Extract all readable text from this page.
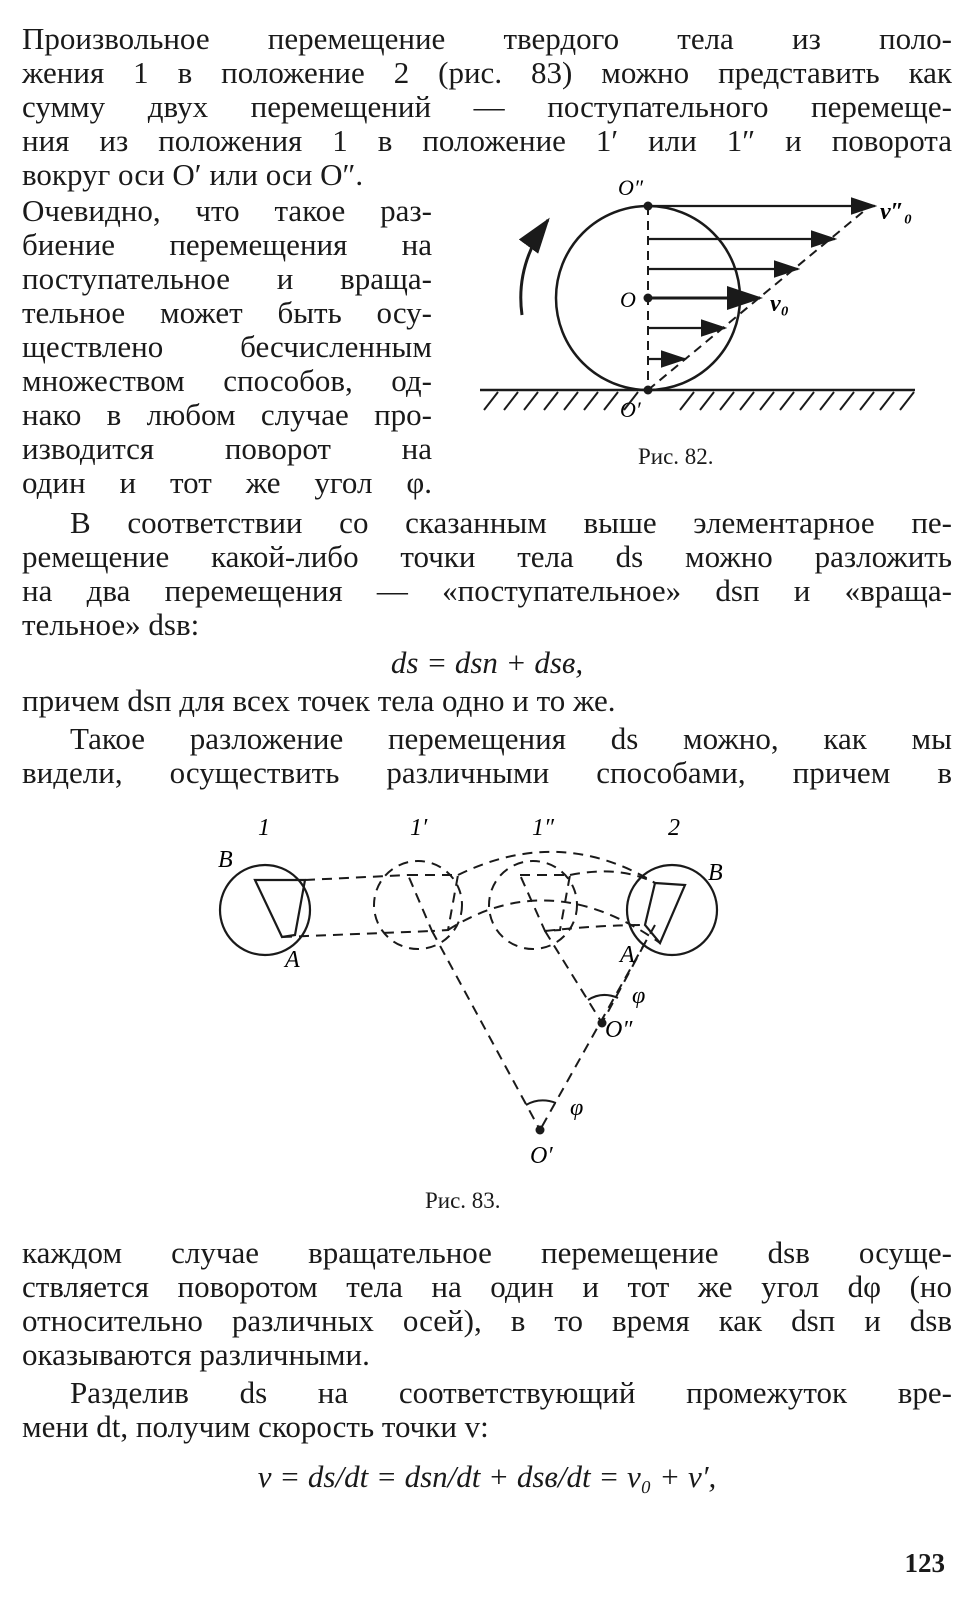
Произвольное перемещение твердого тела из поло-
жения 1 в положение 2 (рис. 83) можно представить как
сумму двух перемещений — поступательного перемеще-
ния из положения 1 в положение 1′ или 1″ и поворота
вокруг оси O′ или оси O″.
Очевидно, что такое раз-
биение перемещения на
поступательное и враща-
тельное может быть осу-
ществлено бесчисленным
множеством способов, од-
нако в любом случае про-
изводится поворот на
один и тот же угол φ.
O″
O
O′
v″₀
v₀
Рис. 82.
В соответствии со сказанным выше элементарное пе-
ремещение какой-либо точки тела ds можно разложить
на два перемещения — «поступательное» dsп и «враща-
тельное» dsв:
ds = dsп + dsв,
причем dsп для всех точек тела одно и то же.
Такое разложение перемещения ds можно, как мы
видели, осуществить различными способами, причем в
1	1′	1″	2
B
A
B
A
φ
φ
O″
O′
Рис. 83.
каждом случае вращательное перемещение dsв осуще-
ствляется поворотом тела на один и тот же угол dφ (но
относительно различных осей), в то время как dsп и dsв
оказываются различными.
Разделив ds на соответствующий промежуток вре-
мени dt, получим скорость точки v:
v = ds/dt = dsп/dt + dsв/dt = v₀ + v′,
123
